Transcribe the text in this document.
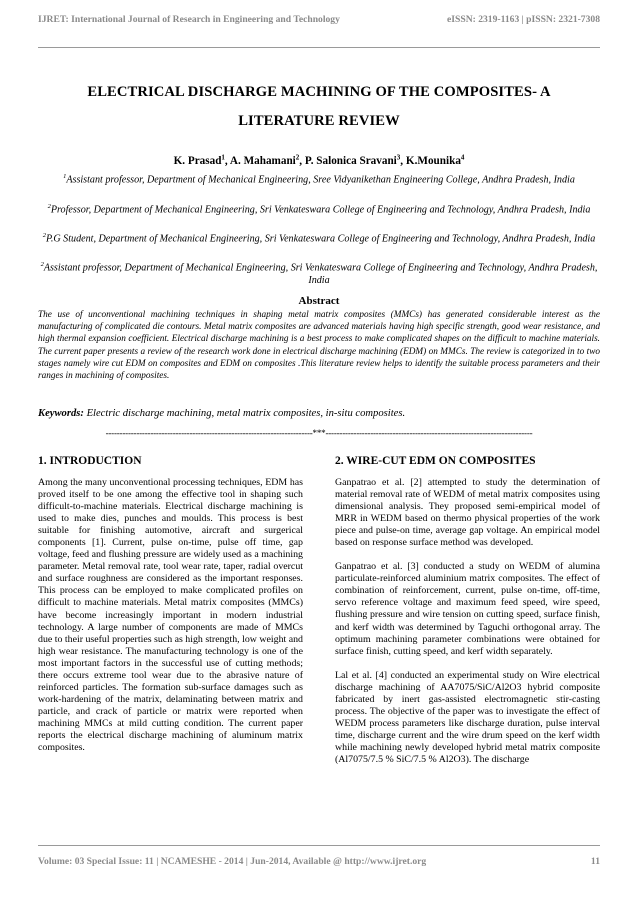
IJRET: International Journal of Research in Engineering and Technology	eISSN: 2319-1163 | pISSN: 2321-7308
ELECTRICAL DISCHARGE MACHINING OF THE COMPOSITES- A LITERATURE REVIEW
K. Prasad$^1$, A. Mahamani$^2$, P. Salonica Sravani$^3$, K.Mounika$^4$
$^1$Assistant professor, Department of Mechanical Engineering, Sree Vidyanikethan Engineering College, Andhra Pradesh, India
$^2$Professor, Department of Mechanical Engineering, Sri Venkateswara College of Engineering and Technology, Andhra Pradesh, India
$^2$P.G Student, Department of Mechanical Engineering, Sri Venkateswara College of Engineering and Technology, Andhra Pradesh, India
$^2$Assistant professor, Department of Mechanical Engineering, Sri Venkateswara College of Engineering and Technology, Andhra Pradesh, India
Abstract
The use of unconventional machining techniques in shaping metal matrix composites (MMCs) has generated considerable interest as the manufacturing of complicated die contours. Metal matrix composites are advanced materials having high specific strength, good wear resistance, and high thermal expansion coefficient. Electrical discharge machining is a best process to make complicated shapes on the difficult to machine materials. The current paper presents a review of the research work done in electrical discharge machining (EDM) on MMCs. The review is categorized in to two stages namely wire cut EDM on composites and EDM on composites .This literature review helps to identify the suitable process parameters and their ranges in machining of composites.
Keywords: Electric discharge machining, metal matrix composites, in-situ composites.
--------------------------------------------------------------------------***--------------------------------------------------------------------------
1. INTRODUCTION

Among the many unconventional processing techniques, EDM has proved itself to be one among the effective tool in shaping such difficult-to-machine materials. Electrical discharge machining is used to make dies, punches and moulds. This process is best suitable for finishing automotive, aircraft and surgerical components [1]. Current, pulse on-time, pulse off time, gap voltage, feed and flushing pressure are widely used as a machining parameter. Metal removal rate, tool wear rate, taper, radial overcut and surface roughness are considered as the important responses. This process can be employed to make complicated profiles on difficult to machine materials. Metal matrix composites (MMCs) have become increasingly important in modern industrial technology. A large number of components are made of MMCs due to their useful properties such as high strength, low weight and high wear resistance. The manufacturing technology is one of the most important factors in the successful use of cutting methods; there occurs extreme tool wear due to the abrasive nature of reinforced particles. The formation sub-surface damages such as work-hardening of the matrix, delaminating between matrix and particle, and crack of particle or matrix were reported when machining MMCs at mild cutting condition. The current paper reports the electrical discharge machining of aluminum matrix composites.

2. WIRE-CUT EDM ON COMPOSITES

Ganpatrao et al. [2] attempted to study the determination of material removal rate of WEDM of metal matrix composites using dimensional analysis. They proposed semi-empirical model of MRR in WEDM based on thermo physical properties of the work piece and pulse-on time, average gap voltage. An empirical model based on response surface method was developed.

Ganpatrao et al. [3] conducted a study on WEDM of alumina particulate-reinforced aluminium matrix composites. The effect of combination of reinforcement, current, pulse on-time, off-time, servo reference voltage and maximum feed speed, wire speed, flushing pressure and wire tension on cutting speed, surface finish, and kerf width was determined by Taguchi orthogonal array. The optimum machining parameter combinations were obtained for surface finish, cutting speed, and kerf width separately.

Lal et al. [4] conducted an experimental study on Wire electrical discharge machining of AA7075/SiC/Al2O3 hybrid composite fabricated by inert gas-assisted electromagnetic stir-casting process. The objective of the paper was to investigate the effect of WEDM process parameters like discharge duration, pulse interval time, discharge current and the wire drum speed on the kerf width while machining newly developed hybrid metal matrix composite (Al7075/7.5 % SiC/7.5 % Al2O3). The discharge

Volume: 03 Special Issue: 11 | NCAMESHE - 2014 | Jun-2014, Available @ http://www.ijret.org	11
